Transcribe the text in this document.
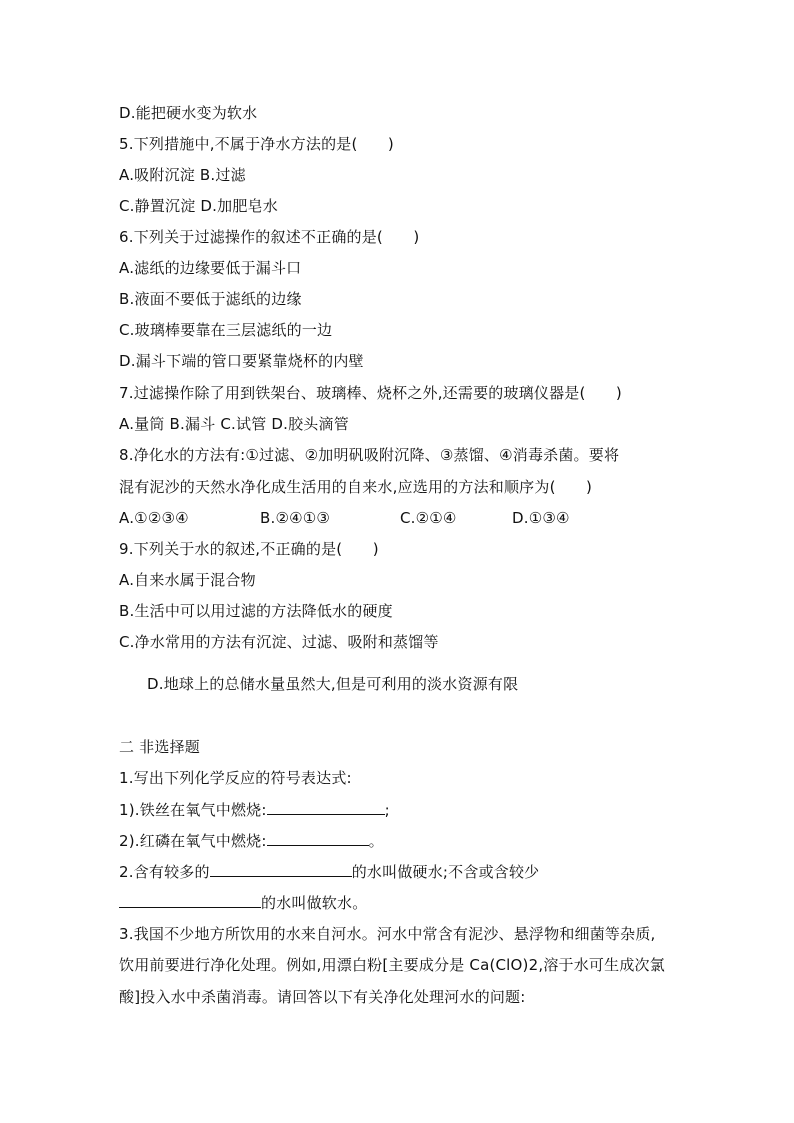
D.能把硬水变为软水
5.下列措施中,不属于净水方法的是(　　)
A.吸附沉淀 B.过滤
C.静置沉淀 D.加肥皂水
6.下列关于过滤操作的叙述不正确的是(　　)
A.滤纸的边缘要低于漏斗口
B.液面不要低于滤纸的边缘
C.玻璃棒要靠在三层滤纸的一边
D.漏斗下端的管口要紧靠烧杯的内壁
7.过滤操作除了用到铁架台、玻璃棒、烧杯之外,还需要的玻璃仪器是(　　)
A.量筒 B.漏斗 C.试管 D.胶头滴管
8.净化水的方法有:①过滤、②加明矾吸附沉降、③蒸馏、④消毒杀菌。要将
混有泥沙的天然水净化成生活用的自来水,应选用的方法和顺序为(　　)
A.①②③④	B.②④①③	C.②①④	D.①③④
9.下列关于水的叙述,不正确的是(　　)
A.自来水属于混合物
B.生活中可以用过滤的方法降低水的硬度
C.净水常用的方法有沉淀、过滤、吸附和蒸馏等
D.地球上的总储水量虽然大,但是可利用的淡水资源有限
二 非选择题
1.写出下列化学反应的符号表达式:
1).铁丝在氧气中燃烧:	;
2).红磷在氧气中燃烧:	。
2.含有较多的	的水叫做硬水;不含或含较少
的水叫做软水。
3.我国不少地方所饮用的水来自河水。河水中常含有泥沙、悬浮物和细菌等杂质,
饮用前要进行净化处理。例如,用漂白粉[主要成分是 Ca(ClO)2,溶于水可生成次氯
酸]投入水中杀菌消毒。请回答以下有关净化处理河水的问题:
